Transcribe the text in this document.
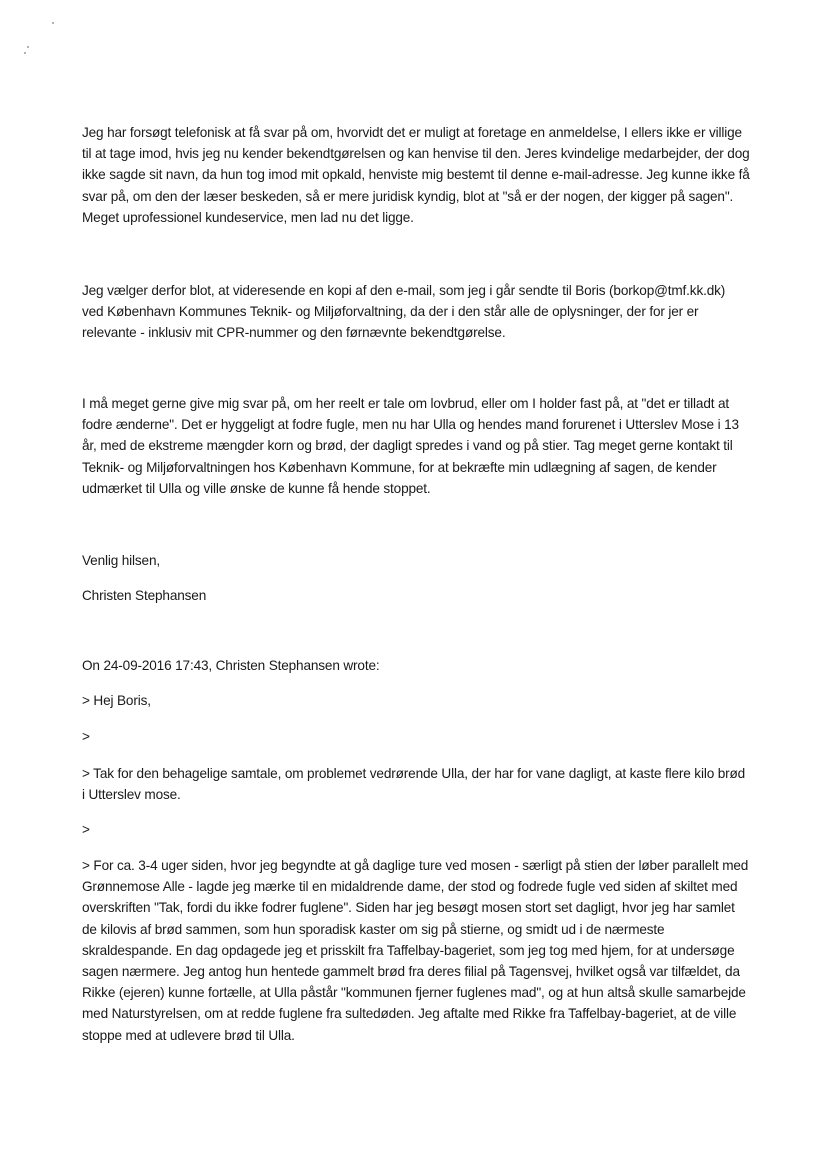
Jeg har forsøgt telefonisk at få svar på om, hvorvidt det er muligt at foretage en anmeldelse, I ellers ikke er villige til at tage imod, hvis jeg nu kender bekendtgørelsen og kan henvise til den. Jeres kvindelige medarbejder, der dog ikke sagde sit navn, da hun tog imod mit opkald, henviste mig bestemt til denne e-mail-adresse. Jeg kunne ikke få svar på, om den der læser beskeden, så er mere juridisk kyndig, blot at "så er der nogen, der kigger på sagen". Meget uprofessionel kundeservice, men lad nu det ligge.

Jeg vælger derfor blot, at videresende en kopi af den e-mail, som jeg i går sendte til Boris (borkop@tmf.kk.dk) ved København Kommunes Teknik- og Miljøforvaltning, da der i den står alle de oplysninger, der for jer er relevante - inklusiv mit CPR-nummer og den førnævnte bekendtgørelse.

I må meget gerne give mig svar på, om her reelt er tale om lovbrud, eller om I holder fast på, at "det er tilladt at fodre ænderne". Det er hyggeligt at fodre fugle, men nu har Ulla og hendes mand forurenet i Utterslev Mose i 13 år, med de ekstreme mængder korn og brød, der dagligt spredes i vand og på stier. Tag meget gerne kontakt til Teknik- og Miljøforvaltningen hos København Kommune, for at bekræfte min udlægning af sagen, de kender udmærket til Ulla og ville ønske de kunne få hende stoppet.

Venlig hilsen,

Christen Stephansen

On 24-09-2016 17:43, Christen Stephansen wrote:

> Hej Boris,

>

> Tak for den behagelige samtale, om problemet vedrørende Ulla, der har for vane dagligt, at kaste flere kilo brød i Utterslev mose.

>

> For ca. 3-4 uger siden, hvor jeg begyndte at gå daglige ture ved mosen - særligt på stien der løber parallelt med Grønnemose Alle - lagde jeg mærke til en midaldrende dame, der stod og fodrede fugle ved siden af skiltet med overskriften "Tak, fordi du ikke fodrer fuglene". Siden har jeg besøgt mosen stort set dagligt, hvor jeg har samlet de kilovis af brød sammen, som hun sporadisk kaster om sig på stierne, og smidt ud i de nærmeste skraldespande. En dag opdagede jeg et prisskilt fra Taffelbay-bageriet, som jeg tog med hjem, for at undersøge sagen nærmere. Jeg antog hun hentede gammelt brød fra deres filial på Tagensvej, hvilket også var tilfældet, da Rikke (ejeren) kunne fortælle, at Ulla påstår "kommunen fjerner fuglenes mad", og at hun altså skulle samarbejde med Naturstyrelsen, om at redde fuglene fra sultedøden. Jeg aftalte med Rikke fra Taffelbay-bageriet, at de ville stoppe med at udlevere brød til Ulla.
